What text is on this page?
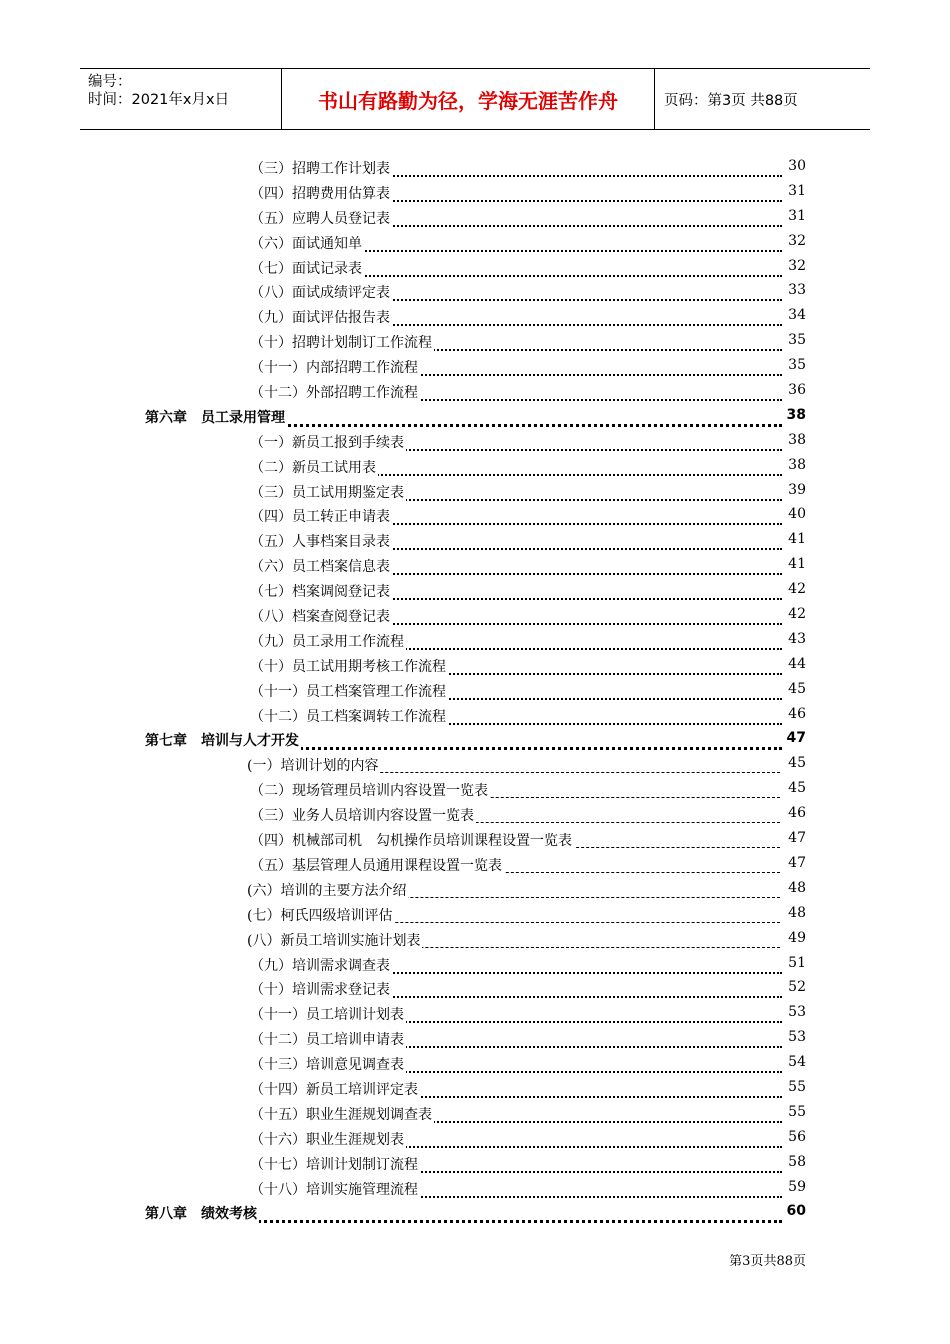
编号：
时间：2021年x月x日	书山有路勤为径，学海无涯苦作舟	页码：第3页 共88页
（三）招聘工作计划表	30
（四）招聘费用估算表	31
（五）应聘人员登记表	31
（六）面试通知单	32
（七）面试记录表	32
（八）面试成绩评定表	33
（九）面试评估报告表	34
（十）招聘计划制订工作流程	35
（十一）内部招聘工作流程	35
（十二）外部招聘工作流程	36
第六章　员工录用管理	38
（一）新员工报到手续表	38
（二）新员工试用表	38
（三）员工试用期鉴定表	39
（四）员工转正申请表	40
（五）人事档案目录表	41
（六）员工档案信息表	41
（七）档案调阅登记表	42
（八）档案查阅登记表	42
（九）员工录用工作流程	43
（十）员工试用期考核工作流程	44
（十一）员工档案管理工作流程	45
（十二）员工档案调转工作流程	46
第七章　培训与人才开发	47
(一）培训计划的内容	45
（二）现场管理员培训内容设置一览表	45
（三）业务人员培训内容设置一览表	46
（四）机械部司机　勾机操作员培训课程设置一览表	47
（五）基层管理人员通用课程设置一览表	47
(六）培训的主要方法介绍	48
(七）柯氏四级培训评估	48
(八）新员工培训实施计划表	49
（九）培训需求调查表	51
（十）培训需求登记表	52
（十一）员工培训计划表	53
（十二）员工培训申请表	53
（十三）培训意见调查表	54
（十四）新员工培训评定表	55
（十五）职业生涯规划调查表	55
（十六）职业生涯规划表	56
（十七）培训计划制订流程	58
（十八）培训实施管理流程	59
第八章　绩效考核	60
第3页共88页
